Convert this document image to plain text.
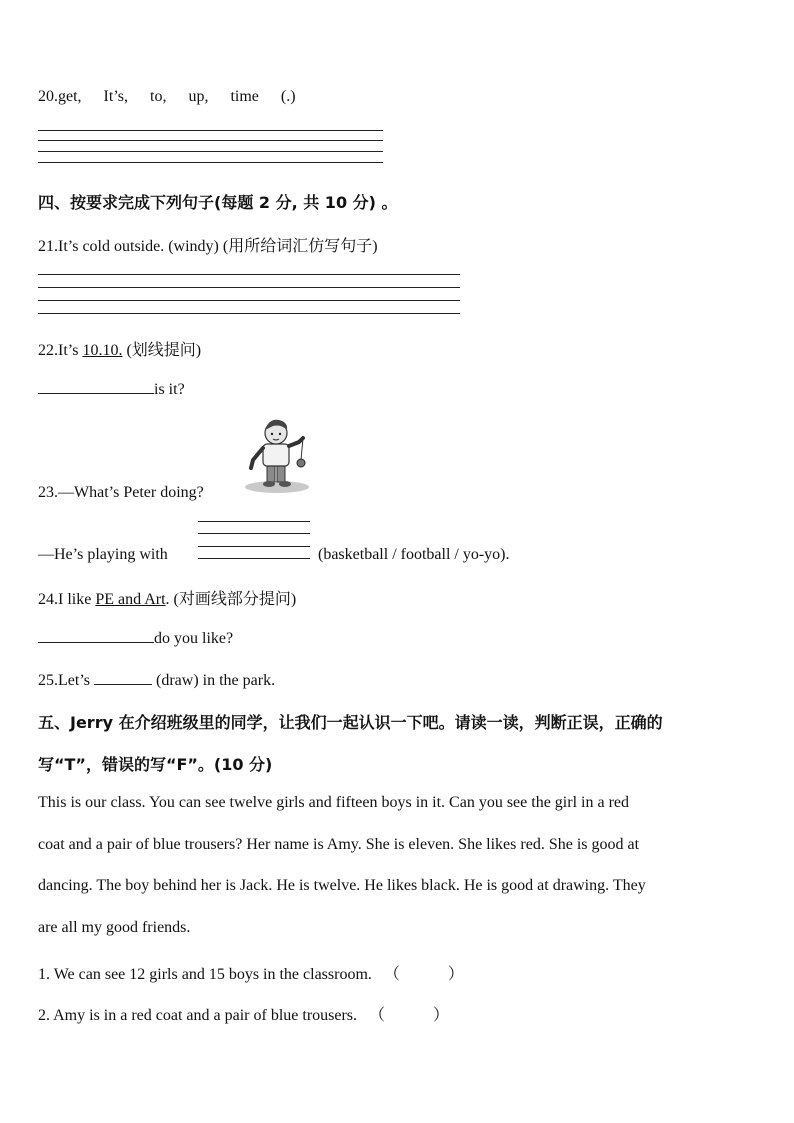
20.get, It’s, to, up, time (.)
四、按要求完成下列句子(每题 2 分, 共 10 分) 。
21.It’s cold outside. (windy) (用所给词汇仿写句子)
22.It’s 10.10. (划线提问)
is it?
23.—What’s Peter doing?
—He’s playing with	(basketball / football / yo-yo).
24.I like PE and Art. (对画线部分提问)
do you like?
25.Let’s	(draw) in the park.
五、Jerry 在介绍班级里的同学，让我们一起认识一下吧。请读一读，判断正误，正确的
写“T”，错误的写“F”。(10 分)
This is our class. You can see twelve girls and fifteen boys in it. Can you see the girl in a red
coat and a pair of blue trousers? Her name is Amy. She is eleven. She likes red. She is good at
dancing. The boy behind her is Jack. He is twelve. He likes black. He is good at drawing. They
are all my good friends.
1. We can see 12 girls and 15 boys in the classroom. （　　　）
2. Amy is in a red coat and a pair of blue trousers. （　　　）
